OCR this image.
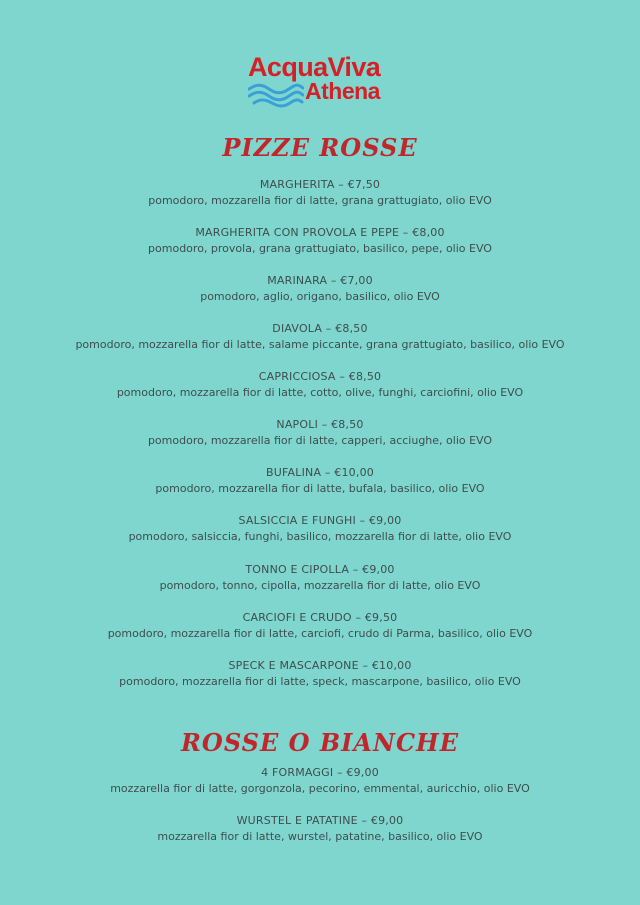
AcquaViva
Athena
PIZZE ROSSE
MARGHERITA – €7,50
pomodoro, mozzarella fior di latte, grana grattugiato, olio EVO
MARGHERITA CON PROVOLA E PEPE – €8,00
pomodoro, provola, grana grattugiato, basilico, pepe, olio EVO
MARINARA – €7,00
pomodoro, aglio, origano, basilico, olio EVO
DIAVOLA – €8,50
pomodoro, mozzarella fior di latte, salame piccante, grana grattugiato, basilico, olio EVO
CAPRICCIOSA – €8,50
pomodoro, mozzarella fior di latte, cotto, olive, funghi, carciofini, olio EVO
NAPOLI – €8,50
pomodoro, mozzarella fior di latte, capperi, acciughe, olio EVO
BUFALINA – €10,00
pomodoro, mozzarella fior di latte, bufala, basilico, olio EVO
SALSICCIA E FUNGHI – €9,00
pomodoro, salsiccia, funghi, basilico, mozzarella fior di latte, olio EVO
TONNO E CIPOLLA – €9,00
pomodoro, tonno, cipolla, mozzarella fior di latte, olio EVO
CARCIOFI E CRUDO – €9,50
pomodoro, mozzarella fior di latte, carciofi, crudo di Parma, basilico, olio EVO
SPECK E MASCARPONE – €10,00
pomodoro, mozzarella fior di latte, speck, mascarpone, basilico, olio EVO
ROSSE O BIANCHE
4 FORMAGGI – €9,00
mozzarella fior di latte, gorgonzola, pecorino, emmental, auricchio, olio EVO
WURSTEL E PATATINE – €9,00
mozzarella fior di latte, wurstel, patatine, basilico, olio EVO
